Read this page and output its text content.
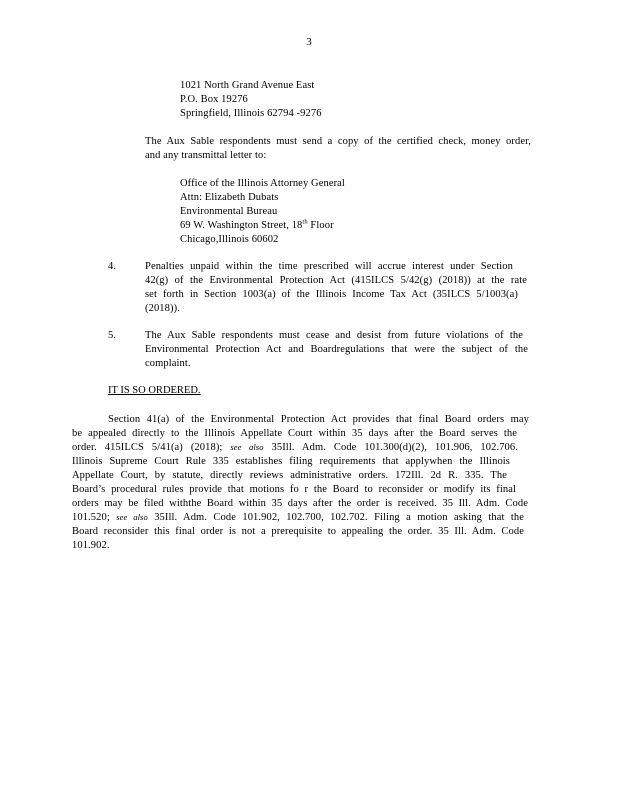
3
1021 North Grand Avenue East
P.O. Box 19276
Springfield, Illinois 62794 -9276
The Aux Sable respondents must send a copy of the certified check, money order,
and any transmittal letter to:
Office of the Illinois Attorney General
Attn: Elizabeth Dubats
Environmental Bureau
69 W. Washington Street, 18th Floor
Chicago,Illinois 60602
4.	Penalties unpaid within the time prescribed will accrue interest under Section
42(g) of the Environmental Protection Act (415ILCS 5/42(g) (2018)) at the rate
set forth in Section 1003(a) of the Illinois Income Tax Act (35ILCS 5/1003(a)
(2018)).
5.	The Aux Sable respondents must cease and desist from future violations of the
Environmental Protection Act and Boardregulations that were the subject of the
complaint.
IT IS SO ORDERED.
Section 41(a) of the Environmental Protection Act provides that final Board orders may
be appealed directly to the Illinois Appellate Court within 35 days after the Board serves the
order. 415ILCS 5/41(a) (2018); see also 35Ill. Adm. Code 101.300(d)(2), 101.906, 102.706.
Illinois Supreme Court Rule 335 establishes filing requirements that applywhen the Illinois
Appellate Court, by statute, directly reviews administrative orders. 172Ill. 2d R. 335. The
Board’s procedural rules provide that motions fo r the Board to reconsider or modify its final
orders may be filed withthe Board within 35 days after the order is received. 35 Ill. Adm. Code
101.520; see also 35Ill. Adm. Code 101.902, 102.700, 102.702. Filing a motion asking that the
Board reconsider this final order is not a prerequisite to appealing the order. 35 Ill. Adm. Code
101.902.
